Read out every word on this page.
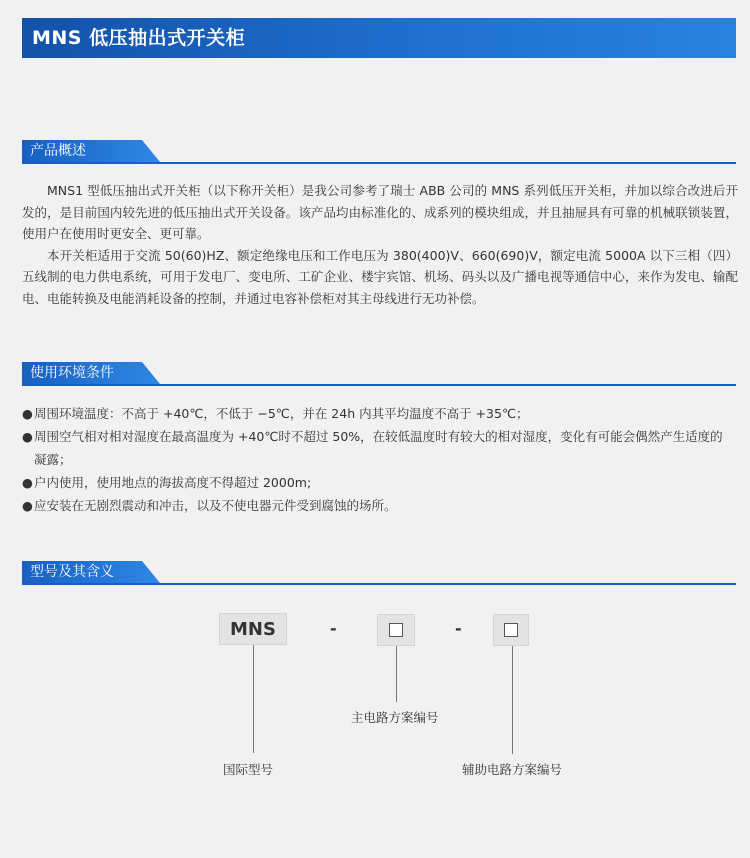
MNS 低压抽出式开关柜
产品概述

MNS1 型低压抽出式开关柜（以下称开关柜）是我公司参考了瑞士 ABB 公司的 MNS 系列低压开关柜，并加以综合改进后开发的，是目前国内较先进的低压抽出式开关设备。该产品均由标准化的、成系列的模块组成，并且抽屉具有可靠的机械联锁装置，使用户在使用时更安全、更可靠。

本开关柜适用于交流 50(60)HZ、额定绝缘电压和工作电压为 380(400)V、660(690)V，额定电流 5000A 以下三相（四）五线制的电力供电系统，可用于发电厂、变电所、工矿企业、楼宇宾馆、机场、码头以及广播电视等通信中心，来作为发电、输配电、电能转换及电能消耗设备的控制，并通过电容补偿柜对其主母线进行无功补偿。

使用环境条件
● 周围环境温度：不高于 +40℃，不低于 −5℃，并在 24h 内其平均温度不高于 +35℃；
● 周围空气相对相对湿度在最高温度为 +40℃时不超过 50%，在较低温度时有较大的相对湿度，变化有可能会偶然产生适度的凝露；
● 户内使用，使用地点的海拔高度不得超过 2000m;
● 应安装在无剧烈震动和冲击，以及不使电器元件受到腐蚀的场所。
型号及其含义
MNS	-	-
主电路方案编号
国际型号	辅助电路方案编号
